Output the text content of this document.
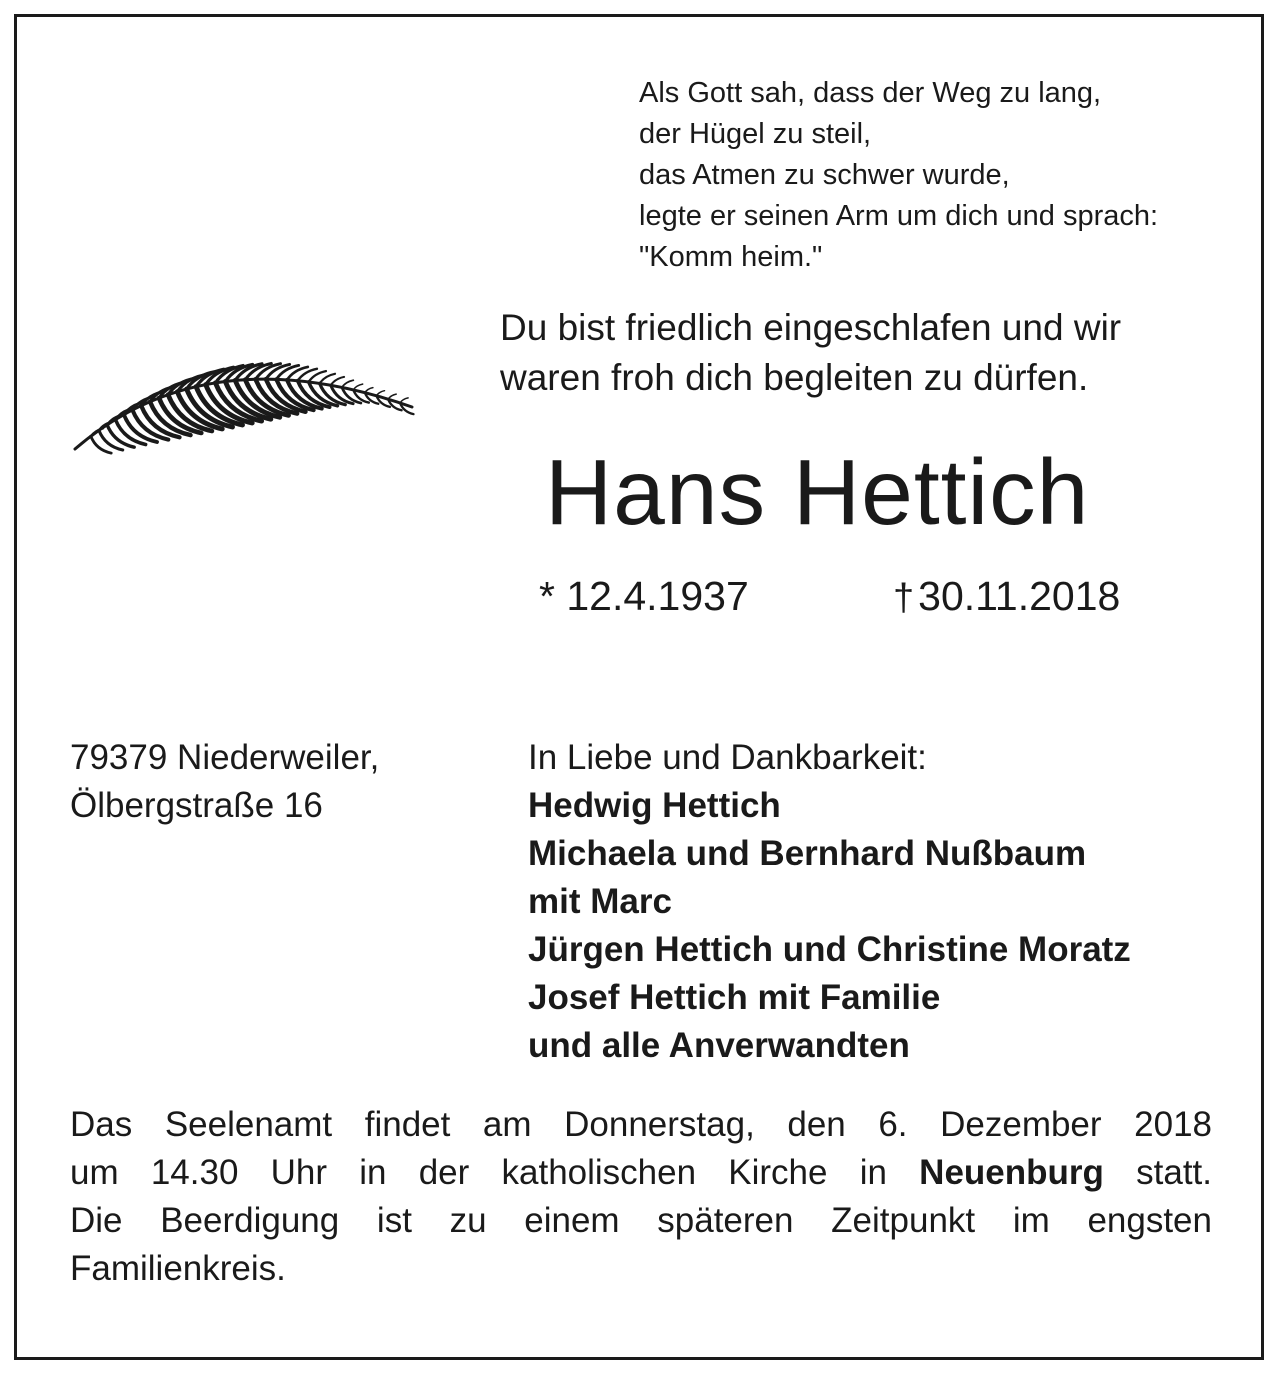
Als Gott sah, dass der Weg zu lang,
der Hügel zu steil,
das Atmen zu schwer wurde,
legte er seinen Arm um dich und sprach:
"Komm heim."
Du bist friedlich eingeschlafen und wir
waren froh dich begleiten zu dürfen.
Hans Hettich
* 12.4.1937	†30.11.2018
79379 Niederweiler,
Ölbergstraße 16
In Liebe und Dankbarkeit:
Hedwig Hettich
Michaela und Bernhard Nußbaum
mit Marc
Jürgen Hettich und Christine Moratz
Josef Hettich mit Familie
und alle Anverwandten
Das Seelenamt findet am Donnerstag, den 6. Dezember 2018
um 14.30 Uhr in der katholischen Kirche in Neuenburg statt.
Die Beerdigung ist zu einem späteren Zeitpunkt im engsten
Familienkreis.
